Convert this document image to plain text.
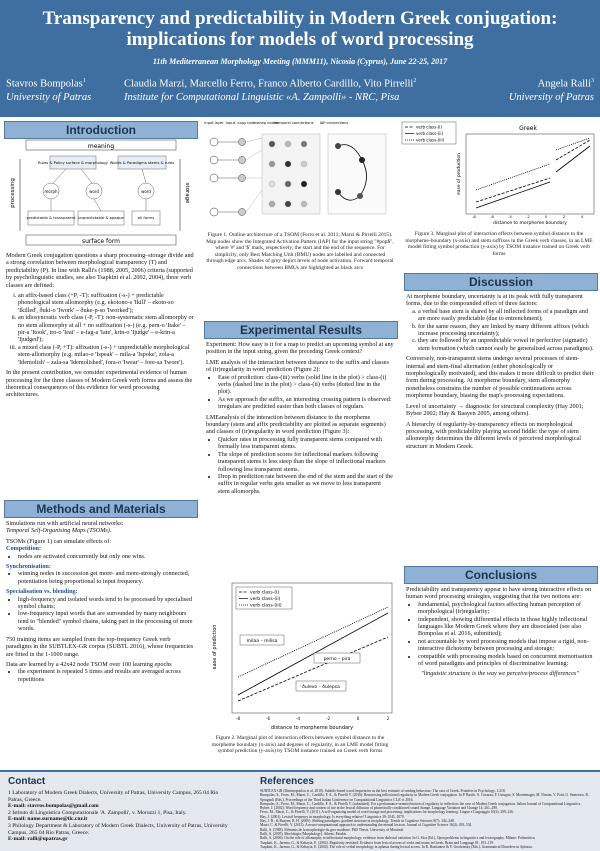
Transparency and predictability in Modern Greek conjugation:
implications for models of word processing
11th Mediterranean Morphology Meeting (MMM11), Nicosia (Cyprus), June 22-25, 2017
Stavros Bompolas$^1$
University of Patras
Claudia Marzi, Marcello Ferro, Franco Alberto Cardillo, Vito Pirrelli$^2$
Institute for Computational Linguistic «A. Zampolli» - NRC, Pisa
Angela Ralli$^3$
University of Patras
Introduction
meaning
surface form
processing	storage
Rules & Policy surface & morphology Words & Paradigms stems & rules
morph	word	word
predictable & transparent unpredictable & opaque	all forms

Modern Greek conjugation questions a sharp processing–storage divide and a strong correlation between morphological transparency (T) and predictability (P). In line with Ralli's (1988, 2005, 2006) criteria (supported by psycholinguistic studies, see also Tsapkini et al. 2002, 2004), three verb classes are defined:

i. an affix-based class (+P, -T): suffixation (-s-) + predictable phonological stem allomorphy (e.g. ekotono-s 'Ikill' – ekoto-so 'Ikilled', ðuki-o 'Iwork' – ðuke-p-so 'Iworked');
ii. an idiosyncratic verb class (-P, -T): non-systematic stem allomorphy or no stem allomorphy at all + no suffixation (-s-) (e.g. pern-o 'Itake' – pir-a 'Itook', tro-o 'Ieat' – e-fag-a 'Iate', krin-o 'Ijudge' – e-krin-a 'Ijudged');
iii. a mixed class (-P, +T): affixation (-s-) + unpredictable morphological stem-allomorphy (e.g. milao-o 'Ispeak' – mila-a 'Ispoke', zola-a 'Idemolish' – zala-sa 'Idemolished', fora-o 'Iwear' – fore-sa 'Iwore').

In the present contribution, we consider experimental evidence of human processing for the three classes of Modern Greek verb forms and assess the theoretical consequences of this evidence for word processing architectures.

Methods and Materials

Simulations run with artificial neural networks:
Temporal Self-Organising Maps (TSOMs).

TSOMs (Figure 1) can simulate effects of:

Competition:
• nodes are activated concurrently but only one wins.
Synchronisation:
• winning nodes in succession get more- and more-strongly connected, potentiation being proportional to input frequency.
Specialisation vs. blending:
• high-frequency and isolated words tend to be processed by specialised symbol chains;
• low-frequency input words that are surrounded by many neighbours tend to "blended" symbol chains, taking part in the processing of more words.

750 training items are sampled from the top-frequency Greek verb paradigms in the SUBTLEX-GR corpus (SUBTL 2016), whose frequencies are fitted in the 1-1000 range.

Data are learned by a 42x42 node TSOM over 100 learning epochs

• the experiment is repeated 5 times and results are averaged across repetitions
input layer input- copy nodes map nodes
temporal connections IAP connections
Figure 1. Outline architecture of a TSOM (Ferro et al. 2011; Marzi & Pirrelli 2015). Map nodes show the Integrated Activation Pattern (IAP) for the input string "#pop$", where '#' and '$' mark, respectively, the start and the end of the sequence. For simplicity, only Best Matching Unit (BMU) nodes are labelled and connected through edge arcs. Shades of grey depict levels of node activation. Forward temporal connections between BMUs are highlighted as black arcs
Greek
ease of production
distance to morpheme boundary
verb class-(i)
verb class-(ii)
verb class-(iii)
-8	-6	-4	-2	0	2	4
Figure 3. Marginal plot of interaction effects between symbol distance to the morpheme-boundary (x-axis) and stem suffixes in the Greek verb classes, in an LME model fitting symbol production (y-axis) by TSOM instance trained on Greek verb forms
Experimental Results

Experiment: How easy is it for a map to predict an upcoming symbol at any position in the input string, given the preceding Greek context?

LME analysis of the interaction between distance to the suffix and classes of (ir)regularity in word prediction (Figure 2):

• Ease of prediction: class-(iii) verbs (solid line in the plot) > class-(i) verbs (dashed line in the plot) > class-(ii) verbs (dotted line in the plot).
• As we approach the suffix, an interesting crossing pattern is observed: irregulars are predicted easier than both classes of regulars.

LMEanalysis of the interaction between distance to the morpheme boundary (stem and affix predictability are plotted as separate segments) and classes of (ir)regularity in word prediction (Figure 3):

• Quicker rates in processing fully transparent stems compared with formally less transparent stems.
• The slope of prediction scores for inflectional markers following transparent stems is less steep than the slope of inflectional markers following less transparent stems.
• Drop in prediction rate between the end of the stem and the start of the suffix in regular verbs gets smaller as we move to less transparent stem allomorphs.
ease of prediction
distance to morpheme boundary
verb class-(i)
verb class-(ii)
verb class-(iii)
milaa – milisa
perno – pira
ðulevo – ðulepsa
-8	-6	-4	-2	0	2
Figure 2. Marginal plot of interaction effects between symbol distance to the morpheme boundary (x-axis) and degrees of regularity, in an LME model fitting symbol prediction (y-axis) by TSOM instance trained on Greek verb forms
Discussion

At morpheme boundary, uncertainty is at its peak with fully transparent forms, due to the compounded effect of three factors:

a. a verbal base stem is shared by all inflected forms of a paradigm and are more easily predictable (due to entrenchment);
b. for the same reason, they are linked by many different affixes (which increase processing uncertainty);
c. they are followed by an unpredictable vowel in perfective (sigmatic) stem formation (which cannot easily be generalised across paradigms).

Conversely, non-transparent stems undergo several processes of stem-internal and stem-final alternation (either phonologically or morphologically motivated), and this makes it more difficult to predict their form during processing. At morpheme boundary, stem allomorphy nonetheless constrains the number of possible continuations across morpheme boundary, biasing the map's processing expectations.

Level of uncertainty → diagnostic for structural complexity (Hay 2001; Bybee 2002; Hay & Baayen 2005, among others).

A hierarchy of regularity-by-transparency effects on morphological processing, with predictability playing second fiddle: the type of stem allomorphy determines the different levels of perceived morphological structure in Modern Greek.

Conclusions

Predictability and transparency appear to have strong interactive effects on human word processing strategies, suggesting that the two notions are:

• fundamental, psychological factors affecting human perception of morphological (ir)regularity;
• independent, showing differential effects in those highly inflectional languages like Modern Greek where they are dissociated (see also Bompolas et al. 2016, submitted);
• not accountable by word processing models that impose a rigid, non-interactive dichotomy between processing and storage;
• compatible with processing models based on concurrent memorisation of word paradigms and principles of discriminative learning:

"linguistic structure is the way we perceive/process differences"

Contact
1 Laboratory of Modern Greek Dialects, University of Patras, University Campus, 265 04 Rio Patras, Greece.
E-mail: stavros.bompolas@gmail.com
2 Istituto di Linguistica Computazionale 'A. Zampolli', v. Moruzzi 1, Pisa, Italy.
E-mail: name.surname@ilc.cnr.it
3 Philology Department & Laboratory of Modern Greek Dialects, University of Patras, University Campus, 265 04 Rio Patras, Greece.
E-mail: ralli@upatras.gr
References
SUBTLEX-GR (Dimitropoulou et al. 2010). Subtitle-based word frequencies as the best estimate of reading behaviour: The case of Greek. Frontiers in Psychology, 1:218.
Bompolas, S., Ferro, M., Marzi, C., Cardillo, F. A., & Pirrelli V. (2016). Reassessing inflectional regularity in Modern Greek conjugation. In P. Basile, A. Corazza, F. Cutugno, S. Montemagni, M. Nissim, V. Patti, G. Semeraro, R. Sprugnoli (Eds.), Proceedings of the Third Italian Conference on Computational Linguistics CLiC-it 2016.
Bompolas, S., Ferro, M., Marzi, C., Cardillo, F. A., & Pirrelli V. (submitted). For a performance-oriented notion of regularity in inflection: the case of Modern Greek conjugation. Italian Journal of Computational Linguistics.
Bybee, J. (2002). Word frequency and context of use in the lexical diffusion of phonetically conditioned sound change. Language Variation and Change 14: 261–290.
Ferro, M., Marzi, C., & Pirrelli, V. (2011). A self-organizing model of word storage and processing: implications for morphology learning. Lingue e Linguaggio 10(2): 209–226.
Hay, J. (2001). Lexical frequency in morphology: Is everything relative? Linguistics 39: 1041–1070.
Hay, J. B., & Baayen, R. H. (2005). Shifting paradigms: gradient structure in morphology. Trends in Cognitive Sciences 9(7): 342–348.
Marzi, C. & Pirrelli, V. (2015). A neuro-computational approach to understanding the mental lexicon. Journal of Cognitive Science 16(4): 493–534.
Ralli, A. (1988). Eléments de la morphologie du grec moderne. PhD Thesis. University of Montreal.
Ralli, A. (2005). Morfologia [Morphology]. Athens: Patakis.
Ralli, A. (2006). On the role of allomorphy in inflectional morphology: evidence from dialectal variation. In G. Sica (Ed.), Open problems in linguistics and lexicography. Milano: Polimetrica.
Tsapkini, K., Jarema, G., & Kehayia, E. (2002). Regularity revisited: Evidence from lexical access of verbs and nouns in Greek. Brain and Language 81: 103–119.
Tsapkini, K., Jarema, G., & Kehayia, E. (2004). The role of verbal morphology in aphasia during lexical access. In R. Bastiaanse & Y. Grodzinsky (Eds.), Grammatical Disorders in Aphasia.
